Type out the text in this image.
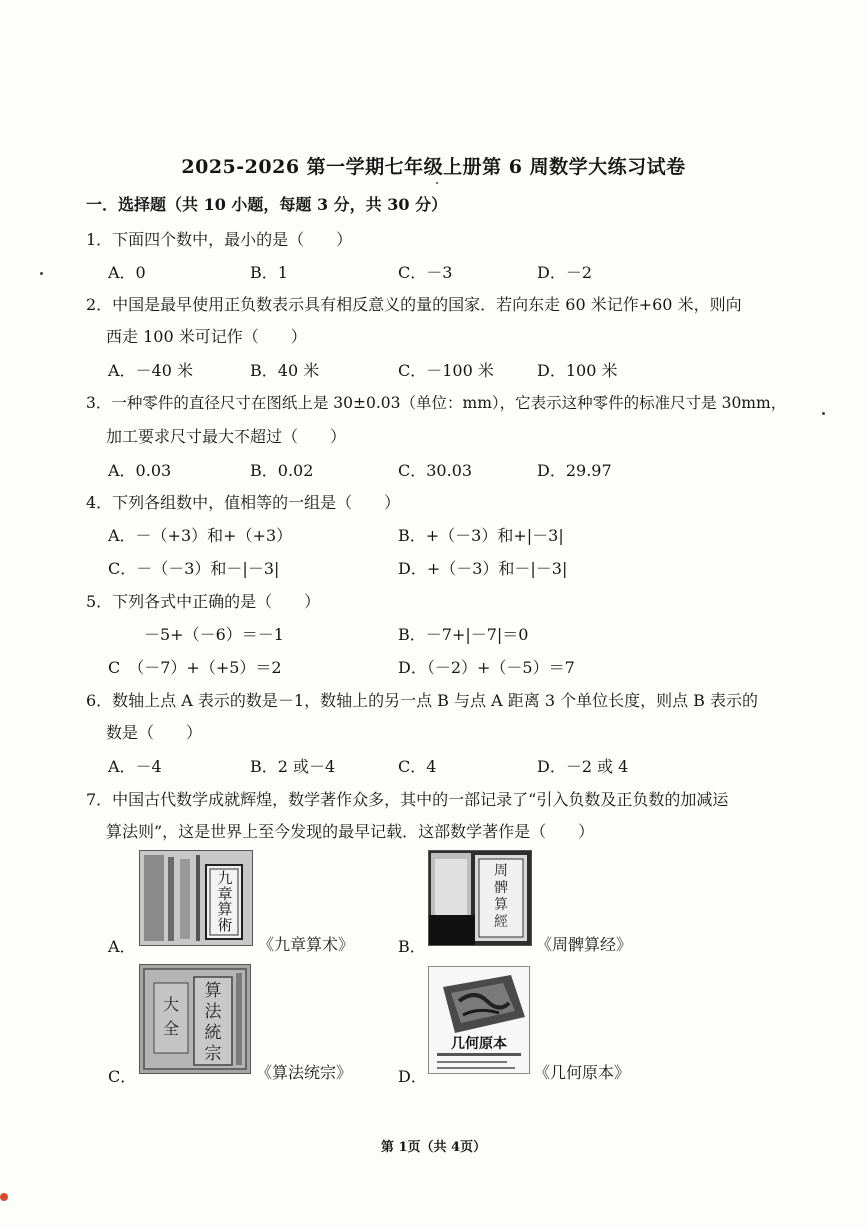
2025-2026 第一学期七年级上册第 6 周数学大练习试卷
一．选择题（共 10 小题，每题 3 分，共 30 分）
1．下面四个数中，最小的是（　　）
A．0	B．1	C．－3	D．－2
2．中国是最早使用正负数表示具有相反意义的量的国家．若向东走 60 米记作+60 米，则向
西走 100 米可记作（　　）
A．－40 米	B．40 米	C．－100 米	D．100 米
3．一种零件的直径尺寸在图纸上是 30±0.03（单位：mm），它表示这种零件的标准尺寸是 30mm，
加工要求尺寸最大不超过（　　）
A．0.03	B．0.02	C．30.03	D．29.97
4．下列各组数中，值相等的一组是（　　）
A．－（+3）和+（+3）	B．+（－3）和+|－3|
C．－（－3）和－|－3|	D．+（－3）和－|－3|
5．下列各式中正确的是（　　）
－5+（－6）＝－1	B．－7+|－7|＝0
C　（－7）+（+5）＝2	D．（－2）+（－5）＝7
6．数轴上点 A 表示的数是－1，数轴上的另一点 B 与点 A 距离 3 个单位长度，则点 B 表示的
数是（　　）
A．－4	B．2 或－4	C．4	D．－2 或 4
7．中国古代数学成就辉煌，数学著作众多，其中的一部记录了“引入负数及正负数的加减运
算法则”，这是世界上至今发现的最早记载．这部数学著作是（　　）
A．
九
章
算
術
《九章算术》	B．
周
髀
算
經
《周髀算经》
C．
大
全
算
法
統
宗
《算法统宗》	D．
几何原本
《几何原本》
第 1页（共 4页）
